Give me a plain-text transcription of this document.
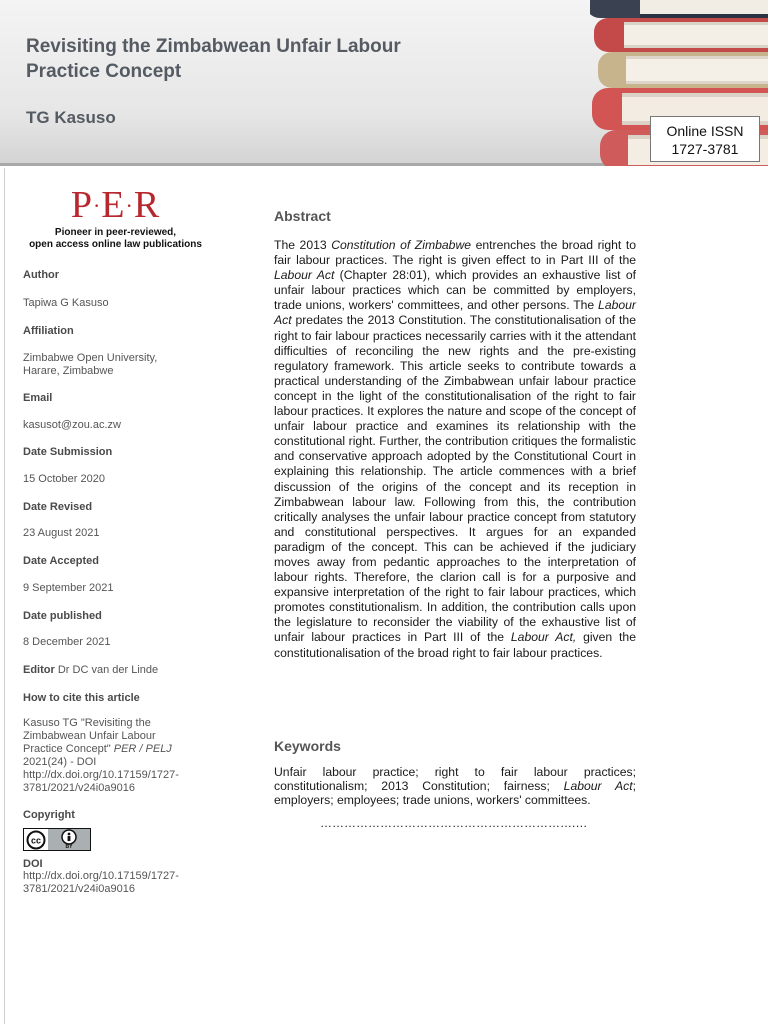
Revisiting the Zimbabwean Unfair Labour
Practice Concept
TG Kasuso
Online ISSN
1727-3781
P·E·R
Pioneer in peer-reviewed,
open access online law publications
Author
Tapiwa G Kasuso
Affiliation
Zimbabwe Open University,
Harare, Zimbabwe
Email
kasusot@zou.ac.zw
Date Submission
15 October 2020
Date Revised
23 August 2021
Date Accepted
9 September 2021
Date published
8 December 2021
Editor Dr DC van der Linde
How to cite this article
Kasuso TG "Revisiting the
Zimbabwean Unfair Labour
Practice Concept" PER / PELJ
2021(24) - DOI
http://dx.doi.org/10.17159/1727-
3781/2021/v24i0a9016
Copyright
cc
BY
DOI
http://dx.doi.org/10.17159/1727-
3781/2021/v24i0a9016
Abstract
The 2013 Constitution of Zimbabwe entrenches the broad right to fair labour practices. The right is given effect to in Part III of the Labour Act (Chapter 28:01), which provides an exhaustive list of unfair labour practices which can be committed by employers, trade unions, workers' committees, and other persons. The Labour Act predates the 2013 Constitution. The constitutionalisation of the right to fair labour practices necessarily carries with it the attendant difficulties of reconciling the new rights and the pre-existing regulatory framework. This article seeks to contribute towards a practical understanding of the Zimbabwean unfair labour practice concept in the light of the constitutionalisation of the right to fair labour practices. It explores the nature and scope of the concept of unfair labour practice and examines its relationship with the constitutional right. Further, the contribution critiques the formalistic and conservative approach adopted by the Constitutional Court in explaining this relationship. The article commences with a brief discussion of the origins of the concept and its reception in Zimbabwean labour law. Following from this, the contribution critically analyses the unfair labour practice concept from statutory and constitutional perspectives. It argues for an expanded paradigm of the concept. This can be achieved if the judiciary moves away from pedantic approaches to the interpretation of labour rights. Therefore, the clarion call is for a purposive and expansive interpretation of the right to fair labour practices, which promotes constitutionalism. In addition, the contribution calls upon the legislature to reconsider the viability of the exhaustive list of unfair labour practices in Part III of the Labour Act, given the constitutionalisation of the broad right to fair labour practices.
Keywords
Unfair labour practice; right to fair labour practices; constitutionalism; 2013 Constitution; fairness; Labour Act; employers; employees; trade unions, workers' committees.
……………………………………………………….…
